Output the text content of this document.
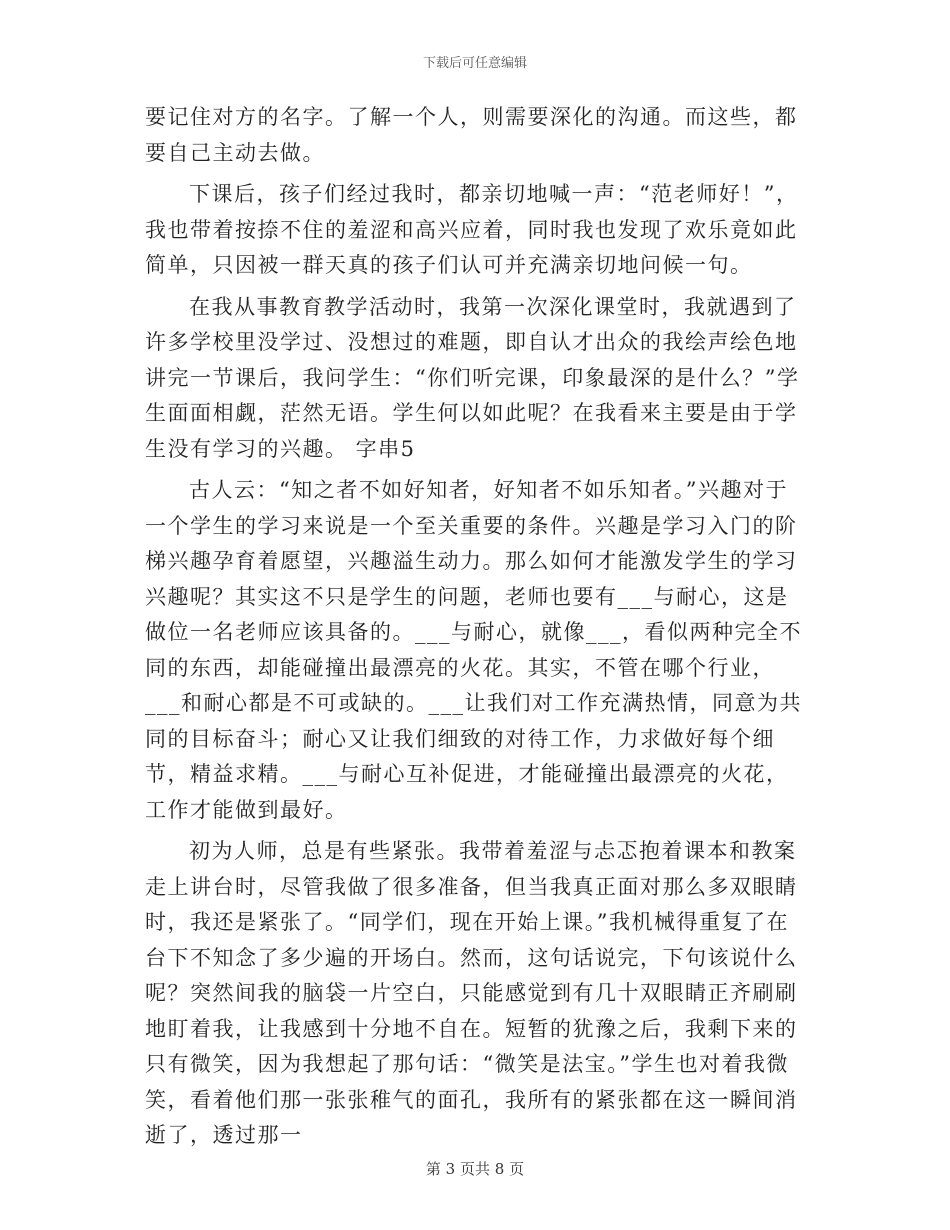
下载后可任意编辑

要记住对方的名字。了解一个人，则需要深化的沟通。而这些，都要自己主动去做。

下课后，孩子们经过我时，都亲切地喊一声：“范老师好！”，我也带着按捺不住的羞涩和高兴应着，同时我也发现了欢乐竟如此简单，只因被一群天真的孩子们认可并充满亲切地问候一句。

在我从事教育教学活动时，我第一次深化课堂时，我就遇到了许多学校里没学过、没想过的难题，即自认才出众的我绘声绘色地讲完一节课后，我问学生：“你们听完课，印象最深的是什么？”学生面面相觑，茫然无语。学生何以如此呢？在我看来主要是由于学生没有学习的兴趣。 字串5

古人云：“知之者不如好知者，好知者不如乐知者。”兴趣对于一个学生的学习来说是一个至关重要的条件。兴趣是学习入门的阶梯兴趣孕育着愿望，兴趣溢生动力。那么如何才能激发学生的学习兴趣呢？其实这不只是学生的问题，老师也要有___与耐心，这是做位一名老师应该具备的。___与耐心，就像___，看似两种完全不同的东西，却能碰撞出最漂亮的火花。其实，不管在哪个行业，___和耐心都是不可或缺的。___让我们对工作充满热情，同意为共同的目标奋斗；耐心又让我们细致的对待工作，力求做好每个细节，精益求精。___与耐心互补促进，才能碰撞出最漂亮的火花，工作才能做到最好。

初为人师，总是有些紧张。我带着羞涩与忐忑抱着课本和教案走上讲台时，尽管我做了很多准备，但当我真正面对那么多双眼睛时，我还是紧张了。“同学们，现在开始上课。”我机械得重复了在台下不知念了多少遍的开场白。然而，这句话说完，下句该说什么呢？突然间我的脑袋一片空白，只能感觉到有几十双眼睛正齐刷刷地盯着我，让我感到十分地不自在。短暂的犹豫之后，我剩下来的只有微笑，因为我想起了那句话：“微笑是法宝。”学生也对着我微笑，看着他们那一张张稚气的面孔，我所有的紧张都在这一瞬间消逝了，透过那一

第 3 页共 8 页
